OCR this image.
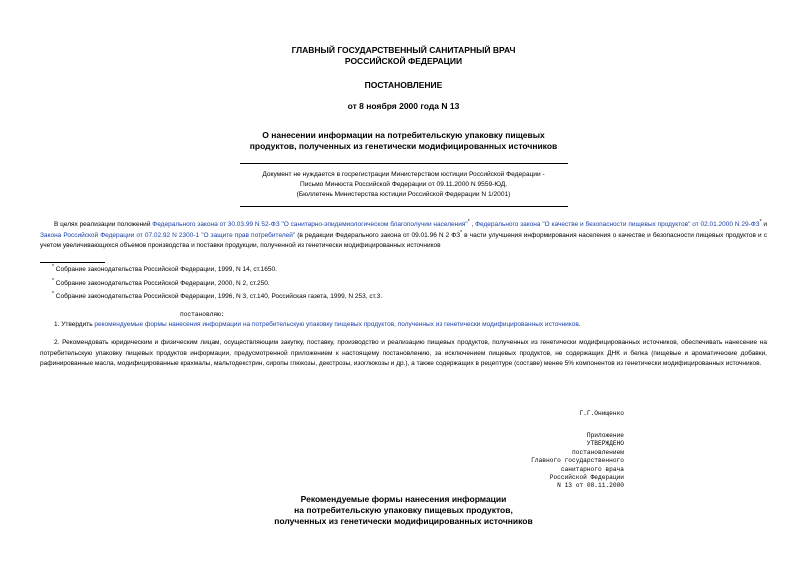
ГЛАВНЫЙ ГОСУДАРСТВЕННЫЙ САНИТАРНЫЙ ВРАЧ
РОССИЙСКОЙ ФЕДЕРАЦИИ
ПОСТАНОВЛЕНИЕ
от 8 ноября 2000 года N 13
О нанесении информации на потребительскую упаковку пищевых
продуктов, полученных из генетически модифицированных источников
Документ не нуждается в госрегистрации Министерством юстиции Российской Федерации -
Письмо Минюста Российской Федерации от 09.11.2000 N 9559-ЮД.
(Бюллетень Министерства юстиции Российской Федерации N 1/2001)
В целях реализации положений Федерального закона от 30.03.99 N 52-ФЗ "О санитарно-эпидемиологическом благополучии населения"* , Федерального закона "О качестве и безопасности пищевых продуктов" от 02.01.2000 N 29-ФЗ* и Закона Российской Федерации от 07.02.92 N 2300-1 "О защите прав потребителей" (в редакции Федерального закона от 09.01.96 N 2 ФЗ* в части улучшения информирования населения о качестве и безопасности пищевых продуктов и с учетом увеличивающихся объемов производства и поставки продукции, полученной из генетически модифицированных источников
* Собрание законодательства Российской Федерации, 1999, N 14, ст.1650.
* Собрание законодательства Российской Федерации, 2000, N 2, ст.250.
* Собрание законодательства Российской Федерации, 1996, N 3, ст.140, Российская газета, 1999, N 253, ст.3.
постановляю:
1. Утвердить рекомендуемые формы нанесения информации на потребительскую упаковку пищевых продуктов, полученных из генетически модифицированных источников.
2. Рекомендовать юридическим и физическим лицам, осуществляющим закупку, поставку, производство и реализацию пищевых продуктов, полученных из генетически модифицированных источников, обеспечивать нанесение на потребительскую упаковку пищевых продуктов информации, предусмотренной приложением к настоящему постановлению, за исключением пищевых продуктов, не содержащих ДНК и белка (пищевые и ароматические добавки, рафинированные масла, модифицированные крахмалы, мальтодекстрин, сиропы глюкозы, декстрозы, изоглюкозы и др.), а также содержащих в рецептуре (составе) менее 5% компонентов из генетически модифицированных источников.
Г.Г.Онищенко
Приложение
УТВЕРЖДЕНО
постановлением
Главного государственного
санитарного врача
Российской Федерации
N 13 от 08.11.2000
Рекомендуемые формы нанесения информации
на потребительскую упаковку пищевых продуктов,
полученных из генетически модифицированных источников
